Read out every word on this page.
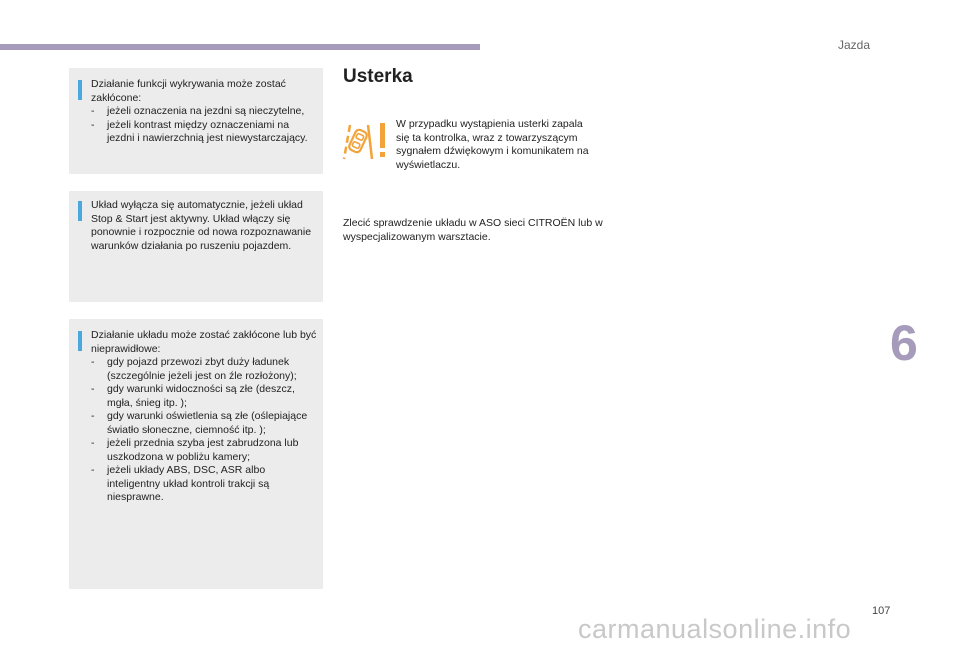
Jazda
6
107

Działanie funkcji wykrywania może zostać zakłócone:

- jeżeli oznaczenia na jezdni są nieczytelne,
- jeżeli kontrast między oznaczeniami na jezdni i nawierzchnią jest niewystarczający.

Układ wyłącza się automatycznie, jeżeli układ Stop & Start jest aktywny. Układ włączy się ponownie i rozpocznie od nowa rozpoznawanie warunków działania po ruszeniu pojazdem.

Działanie układu może zostać zakłócone lub być nieprawidłowe:

- gdy pojazd przewozi zbyt duży ładunek (szczególnie jeżeli jest on źle rozłożony);
- gdy warunki widoczności są złe (deszcz, mgła, śnieg itp. );
- gdy warunki oświetlenia są złe (oślepiające światło słoneczne, ciemność itp. );
- jeżeli przednia szyba jest zabrudzona lub uszkodzona w pobliżu kamery;
- jeżeli układy ABS, DSC, ASR albo inteligentny układ kontroli trakcji są niesprawne.
Usterka
W przypadku wystąpienia usterki zapala się ta kontrolka, wraz z towarzyszącym sygnałem dźwiękowym i komunikatem na wyświetlaczu.
Zlecić sprawdzenie układu w ASO sieci CITROËN lub w wyspecjalizowanym warsztacie.
carmanualsonline.info
